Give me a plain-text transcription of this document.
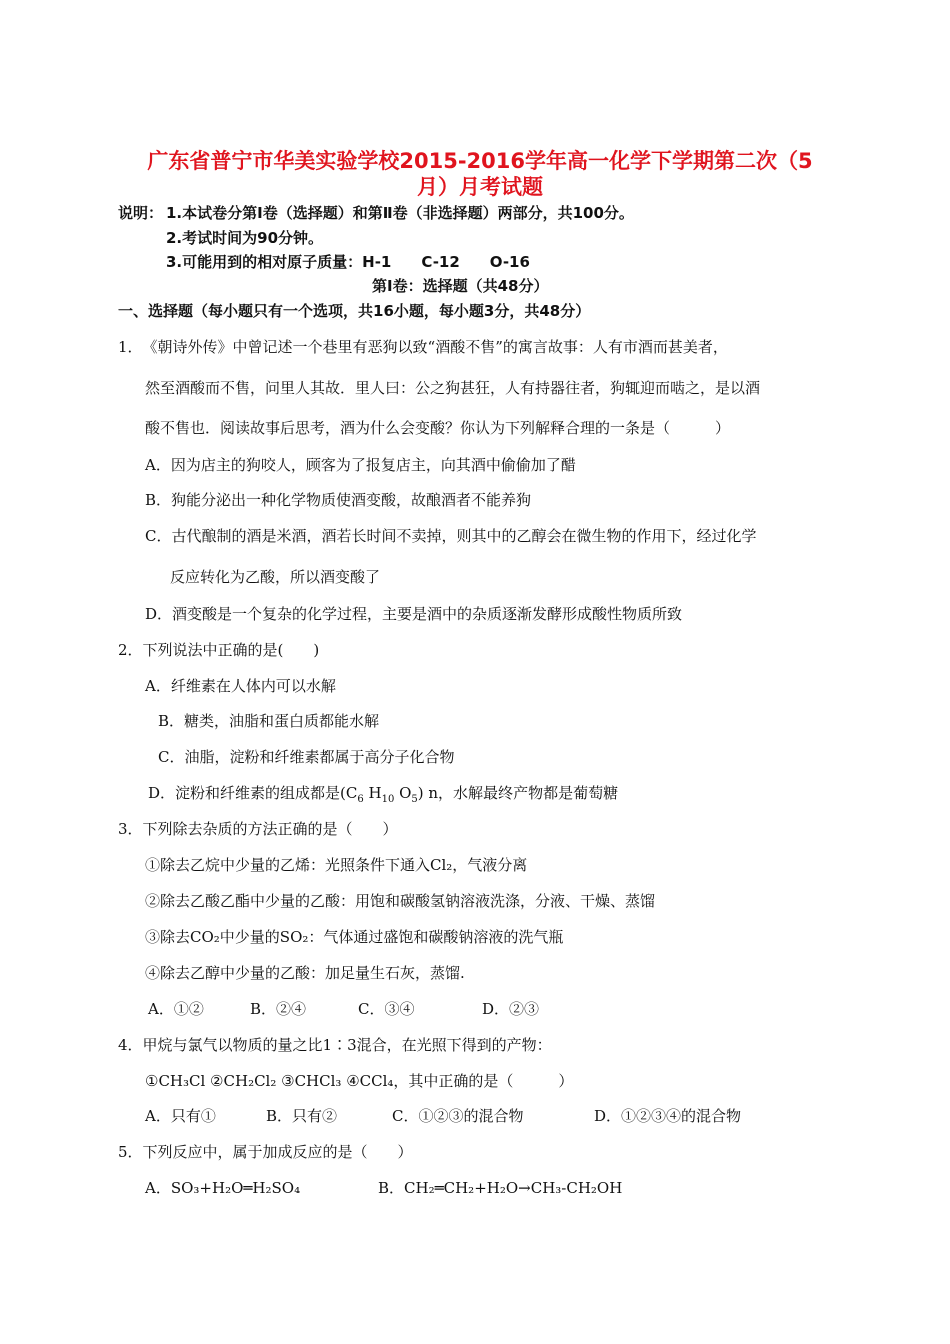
广东省普宁市华美实验学校2015-2016学年高一化学下学期第二次（5
月）月考试题
说明： 1.本试卷分第Ⅰ卷（选择题）和第Ⅱ卷（非选择题）两部分，共100分。
2.考试时间为90分钟。
3.可能用到的相对原子质量：H-1　　C-12　　O-16
第Ⅰ卷：选择题（共48分）
一、选择题（每小题只有一个选项，共16小题，每小题3分，共48分）
1．　《朝诗外传》中曾记述一个巷里有恶狗以致“酒酸不售”的寓言故事：人有市酒而甚美者，
然至酒酸而不售，问里人其故．里人曰：公之狗甚狂，人有持器往者，狗辄迎而啮之，是以酒
酸不售也．阅读故事后思考，酒为什么会变酸？你认为下列解释合理的一条是（　　　）
A．因为店主的狗咬人，顾客为了报复店主，向其酒中偷偷加了醋
B．狗能分泌出一种化学物质使酒变酸，故酿酒者不能养狗
C．古代酿制的酒是米酒，酒若长时间不卖掉，则其中的乙醇会在微生物的作用下，经过化学
反应转化为乙酸，所以酒变酸了
D．酒变酸是一个复杂的化学过程，主要是酒中的杂质逐渐发酵形成酸性物质所致
2．下列说法中正确的是(　　)
A．纤维素在人体内可以水解
B．糖类，油脂和蛋白质都能水解
C．油脂，淀粉和纤维素都属于高分子化合物
D．淀粉和纤维素的组成都是($C_6$ $H_{10}$ $O_5$) n，水解最终产物都是葡萄糖
3．下列除去杂质的方法正确的是（　　）
①除去乙烷中少量的乙烯：光照条件下通入Cl₂，气液分离
②除去乙酸乙酯中少量的乙酸：用饱和碳酸氢钠溶液洗涤，分液、干燥、蒸馏
③除去CO₂中少量的SO₂：气体通过盛饱和碳酸钠溶液的洗气瓶
④除去乙醇中少量的乙酸：加足量生石灰，蒸馏.
A．①②	B．②④	C．③④	D．②③
4．甲烷与氯气以物质的量之比1∶3混合，在光照下得到的产物：
①CH₃Cl ②CH₂Cl₂ ③CHCl₃ ④CCl₄，其中正确的是（　　　）
A．只有①	B．只有②	C．①②③的混合物	D．①②③④的混合物
5．下列反应中，属于加成反应的是（　　）
A．SO₃+H₂O═H₂SO₄	B．CH₂═CH₂+H₂O→CH₃-CH₂OH
